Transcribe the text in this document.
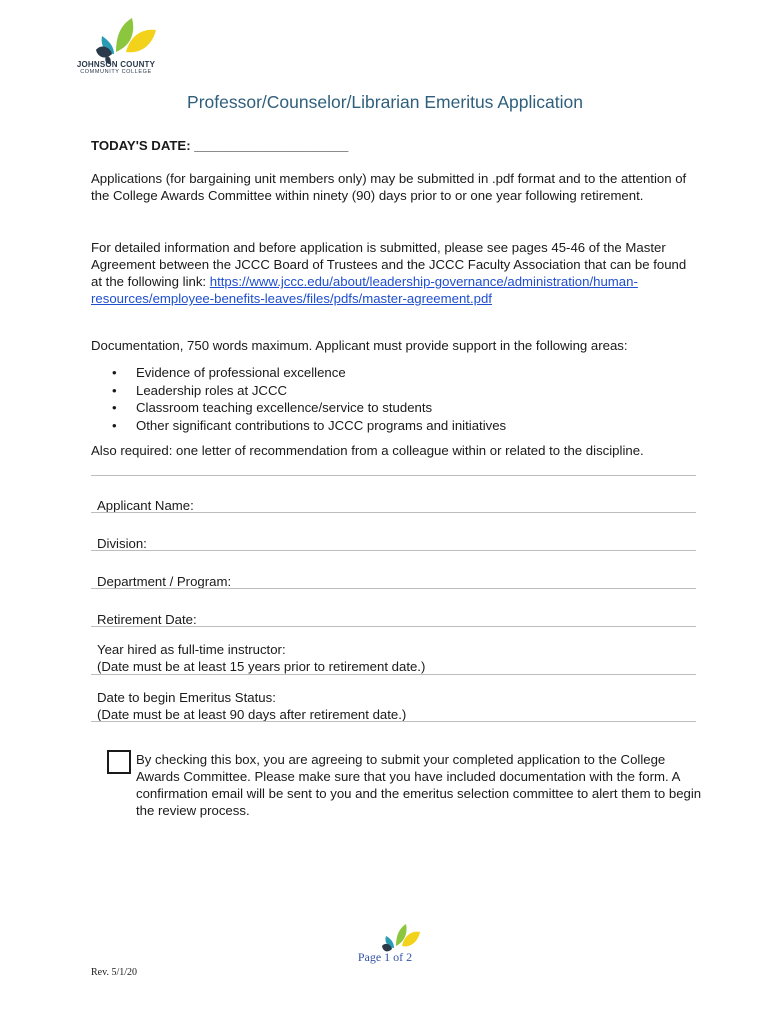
JOHNSON COUNTY
COMMUNITY COLLEGE
Professor/Counselor/Librarian Emeritus Application
TODAY'S DATE: _____________________
Applications (for bargaining unit members only) may be submitted in .pdf format and to the attention of the College Awards Committee within ninety (90) days prior to or one year following retirement.
For detailed information and before application is submitted, please see pages 45-46 of the Master Agreement between the JCCC Board of Trustees and the JCCC Faculty Association that can be found at the following link: https://www.jccc.edu/about/leadership-governance/administration/human-resources/employee-benefits-leaves/files/pdfs/master-agreement.pdf
Documentation, 750 words maximum. Applicant must provide support in the following areas:
• Evidence of professional excellence
• Leadership roles at JCCC
• Classroom teaching excellence/service to students
• Other significant contributions to JCCC programs and initiatives
Also required: one letter of recommendation from a colleague within or related to the discipline.
Applicant Name:
Division:
Department / Program:
Retirement Date:
Year hired as full-time instructor:
(Date must be at least 15 years prior to retirement date.)
Date to begin Emeritus Status:
(Date must be at least 90 days after retirement date.)
By checking this box, you are agreeing to submit your completed application to the College Awards Committee. Please make sure that you have included documentation with the form. A confirmation email will be sent to you and the emeritus selection committee to alert them to begin the review process.
Page 1 of 2
Rev. 5/1/20
